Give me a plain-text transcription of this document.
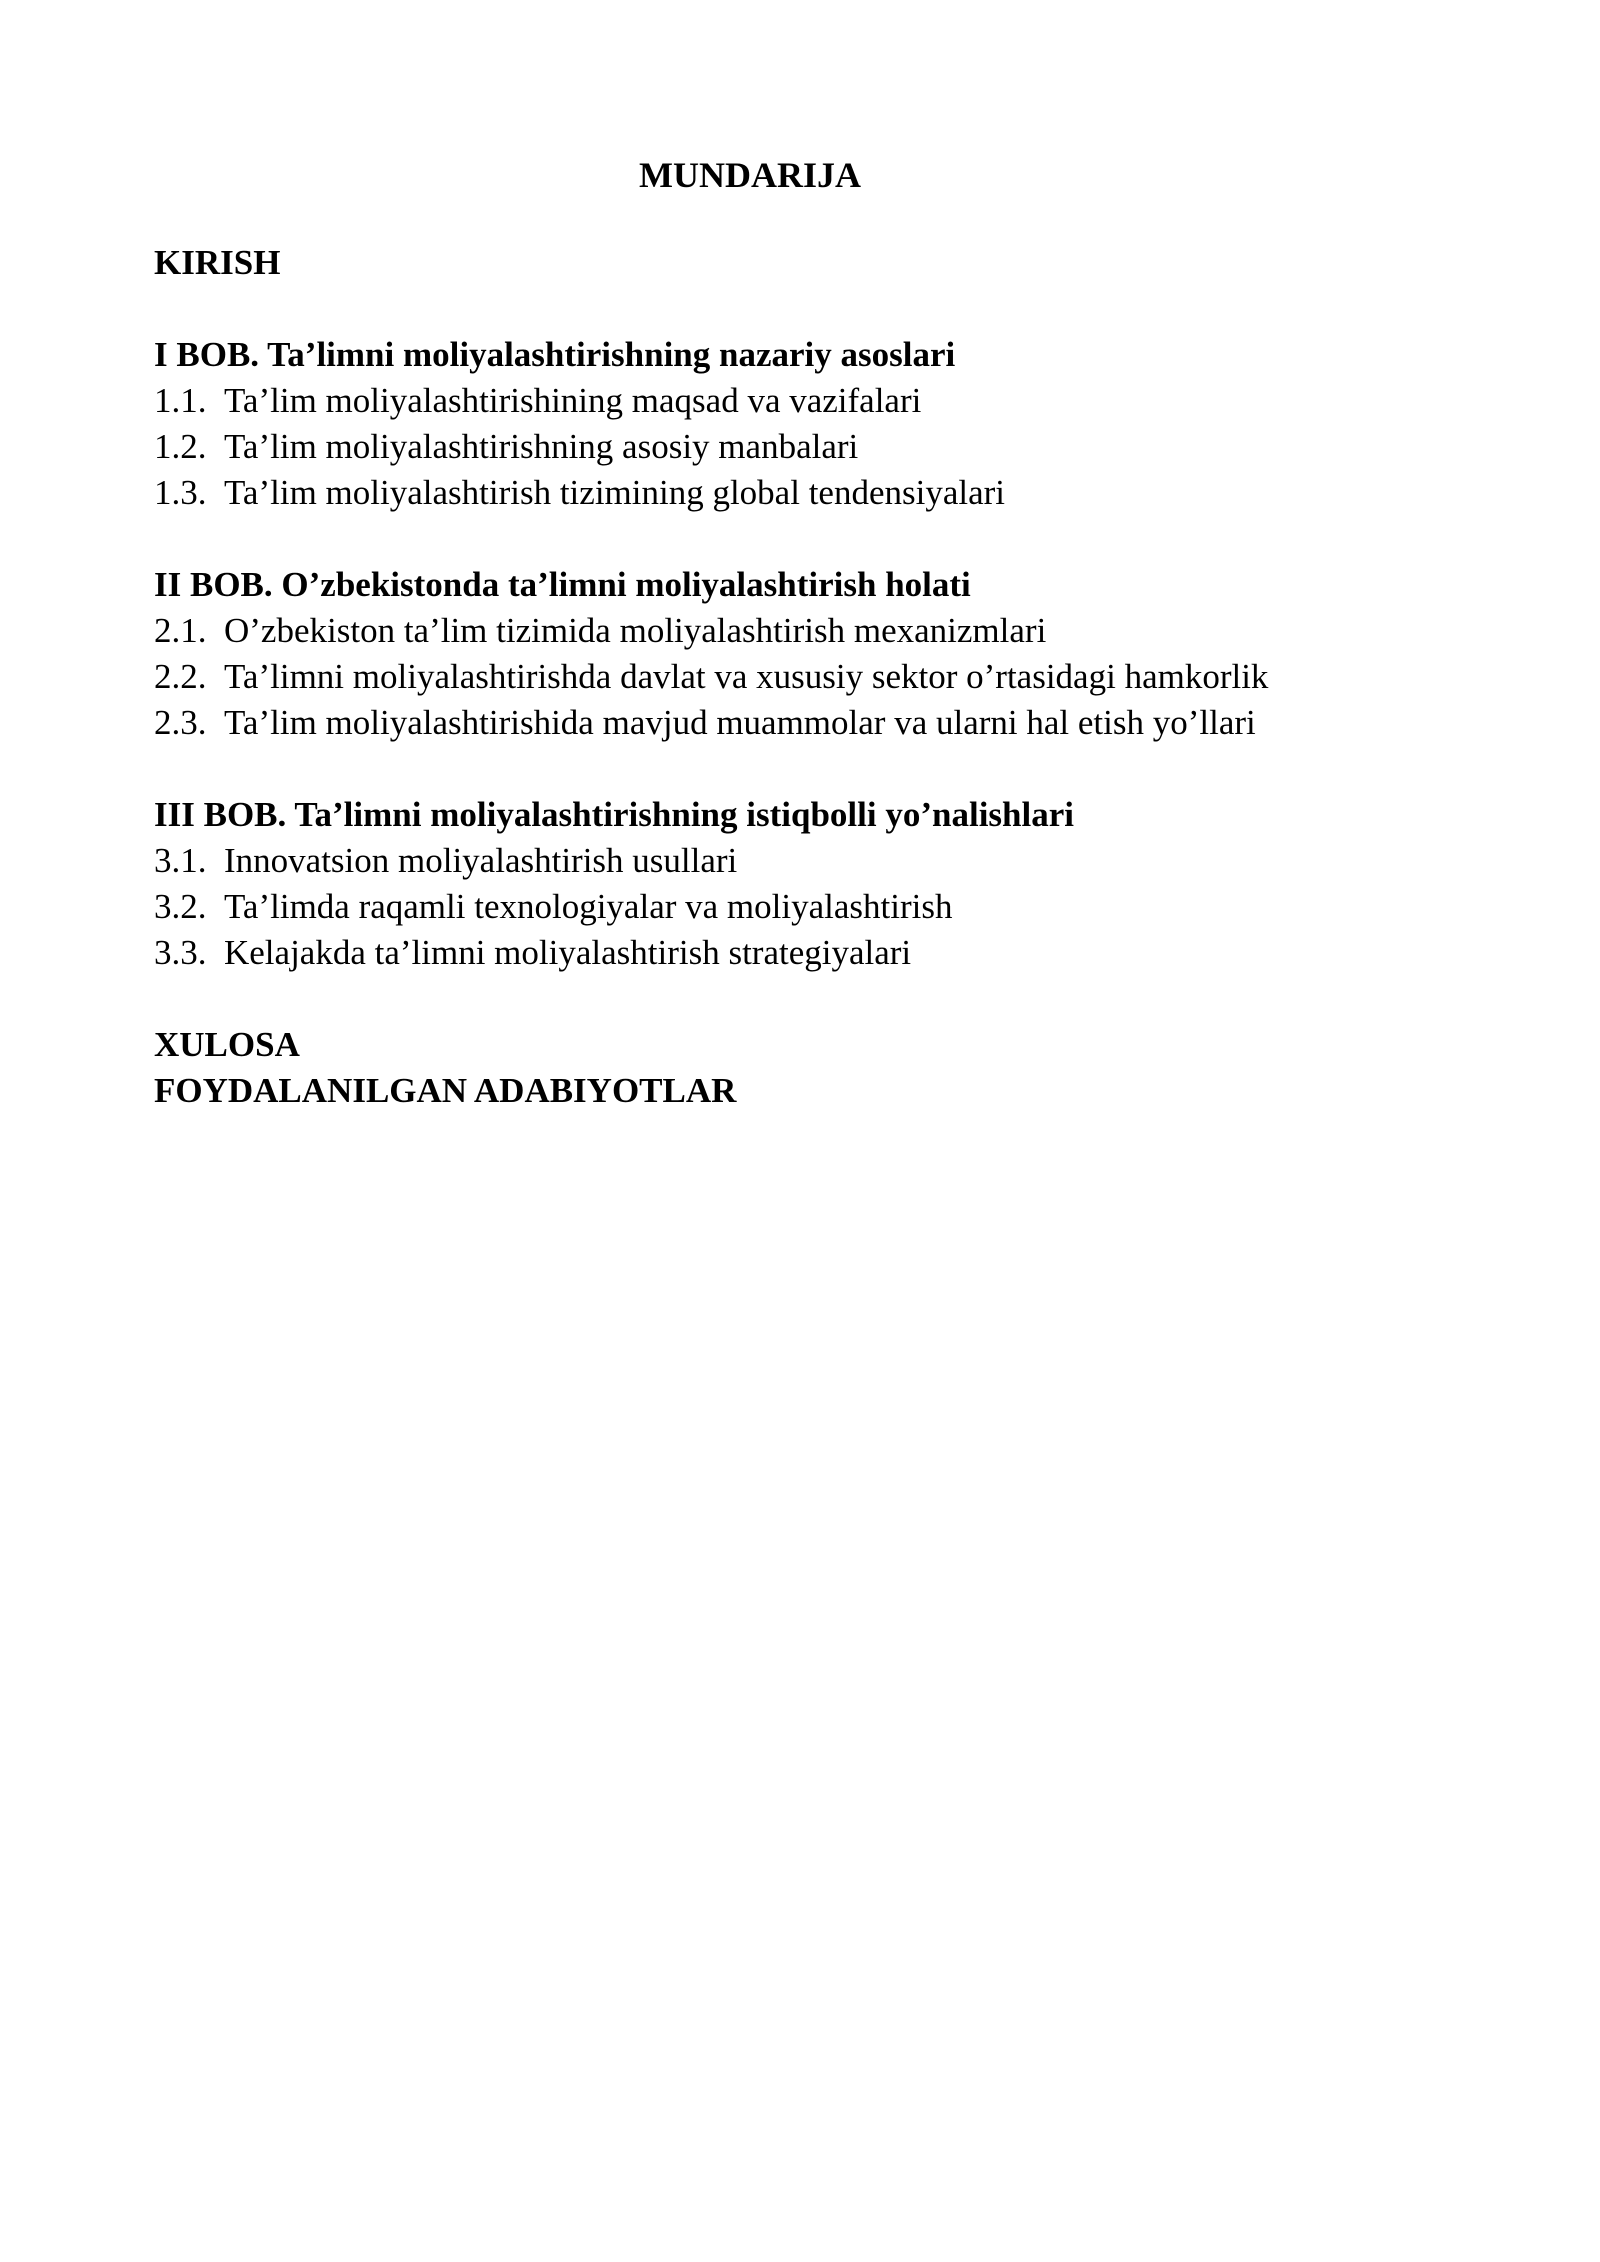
MUNDARIJA
KIRISH
I BOB. Ta’limni moliyalashtirishning nazariy asoslari
1.1. Ta’lim moliyalashtirishining maqsad va vazifalari
1.2. Ta’lim moliyalashtirishning asosiy manbalari
1.3. Ta’lim moliyalashtirish tizimining global tendensiyalari
II BOB. O’zbekistonda ta’limni moliyalashtirish holati
2.1. O’zbekiston ta’lim tizimida moliyalashtirish mexanizmlari
2.2. Ta’limni moliyalashtirishda davlat va xususiy sektor o’rtasidagi hamkorlik
2.3. Ta’lim moliyalashtirishida mavjud muammolar va ularni hal etish yo’llari
III BOB. Ta’limni moliyalashtirishning istiqbolli yo’nalishlari
3.1. Innovatsion moliyalashtirish usullari
3.2. Ta’limda raqamli texnologiyalar va moliyalashtirish
3.3. Kelajakda ta’limni moliyalashtirish strategiyalari
XULOSA
FOYDALANILGAN ADABIYOTLAR
